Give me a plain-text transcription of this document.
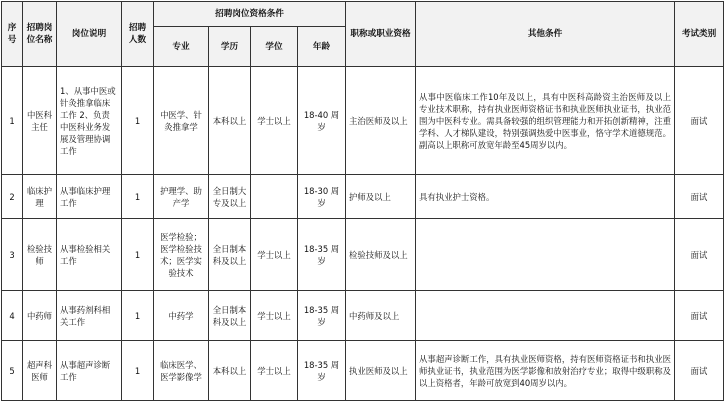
序号	招聘岗位名称	岗位说明	招聘人数	招聘岗位资格条件				职称或职业资格	其他条件	考试类别
				专业	学历	学位	年龄			
1	中医科主任	1、从事中医或针灸推拿临床工作 2、负责中医科业务发展及管理协调工作	1	中医学、针灸推拿学	本科以上	学士以上	18-40 周岁	主治医师及以上	从事中医临床工作10年及以上，具有中医科高龄资主治医师及以上专业技术职称，持有执业医师资格证书和执业医师执业证书，执业范围为中医科专业。需具备较强的组织管理能力和开拓创新精神，注重学科、人才梯队建设，特别强调热爱中医事业，恪守学术道德规范。副高以上职称可放宽年龄至45周岁以内。	面试
2	临床护理	从事临床护理工作	1	护理学、助产学	全日制大专及以上		18-30 周岁	护师及以上	具有执业护士资格。	面试
3	检验技师	从事检验相关工作	1	医学检验；医学检验技术；医学实验技术	全日制本科及以上	学士以上	18-35 周岁	检验技师及以上		面试
4	中药师	从事药剂科相关工作	1	中药学	全日制本科及以上	学士以上	18-35 周岁	中药师及以上		面试
5	超声科医师	从事超声诊断工作	1	临床医学、医学影像学	本科以上	学士以上	18-35 周岁	执业医师及以上	从事超声诊断工作，具有执业医师资格，持有医师资格证书和执业医师执业证书，执业范围为医学影像和放射治疗专业；取得中级职称及以上资格者，年龄可放宽到40周岁以内。	面试
